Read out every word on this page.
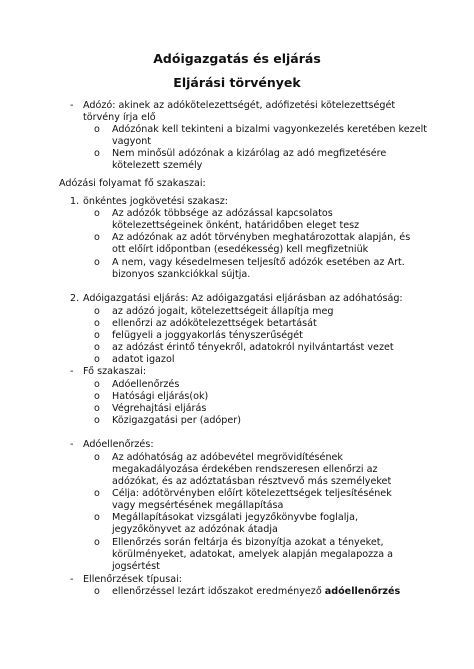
Adóigazgatás és eljárás
Eljárási törvények
- Adózó: akinek az adókötelezettségét, adófizetési kötelezettségét
törvény írja elő
o Adózónak kell tekinteni a bizalmi vagyonkezelés keretében kezelt
vagyont
o Nem minősül adózónak a kizárólag az adó megfizetésére
kötelezett személy
Adózási folyamat fő szakaszai:
1. önkéntes jogkövetési szakasz:
o Az adózók többsége az adózással kapcsolatos
kötelezettségeinek önként, határidőben eleget tesz
o Az adózónak az adót törvényben meghatározottak alapján, és
ott előírt időpontban (esedékesség) kell megfizetniük
o A nem, vagy késedelmesen teljesítő adózók esetében az Art.
bizonyos szankciókkal sújtja.
2. Adóigazgatási eljárás: Az adóigazgatási eljárásban az adóhatóság:
o az adózó jogait, kötelezettségeit állapítja meg
o ellenőrzi az adókötelezettségek betartását
o felügyeli a joggyakorlás tényszerűségét
o az adózást érintő tényekről, adatokról nyilvántartást vezet
o adatot igazol
- Fő szakaszai:
o Adóellenőrzés
o Hatósági eljárás(ok)
o Végrehajtási eljárás
o Közigazgatási per (adóper)
- Adóellenőrzés:
o Az adóhatóság az adóbevétel megrövidítésének
megakadályozása érdekében rendszeresen ellenőrzi az
adózókat, és az adóztatásban résztvevő más személyeket
o Célja: adótörvényben előírt kötelezettségek teljesítésének
vagy megsértésének megállapítása
o Megállapításokat vizsgálati jegyzőkönyvbe foglalja,
jegyzőkönyvet az adózónak átadja
o Ellenőrzés során feltárja és bizonyítja azokat a tényeket,
körülményeket, adatokat, amelyek alapján megalapozza a
jogsértést
- Ellenőrzések típusai:
o ellenőrzéssel lezárt időszakot eredményező adóellenőrzés
